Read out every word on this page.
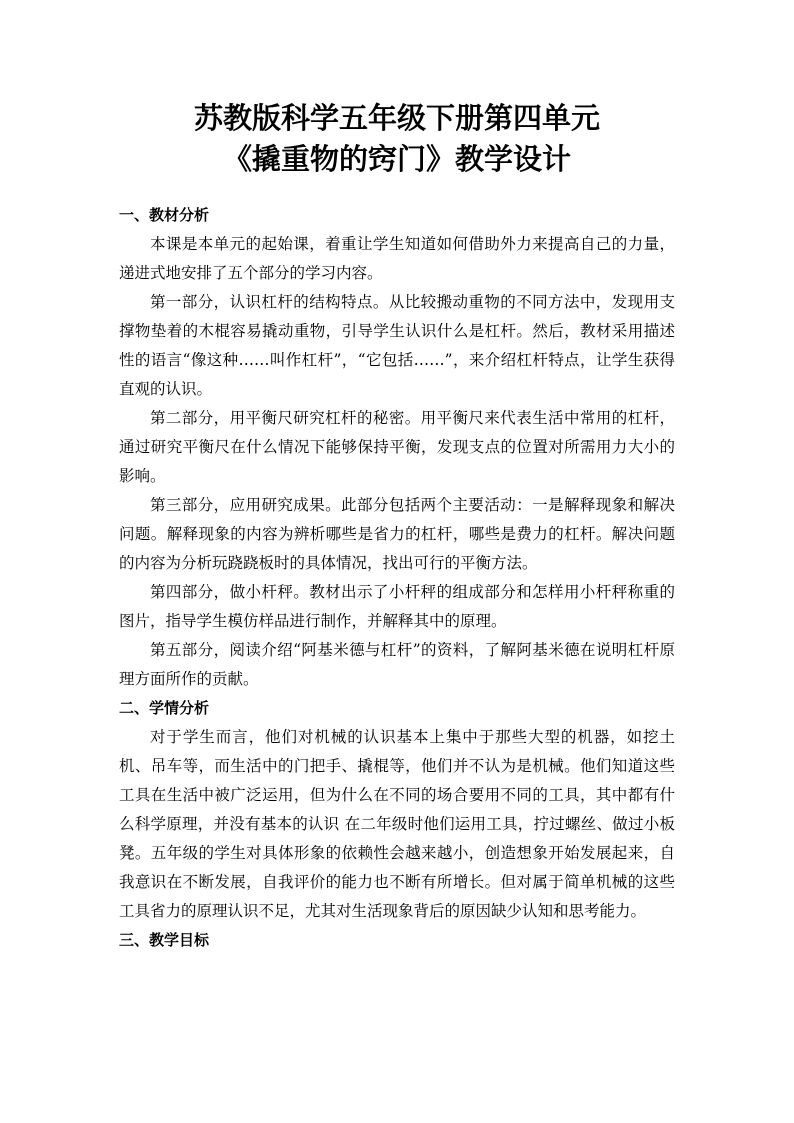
苏教版科学五年级下册第四单元
《撬重物的窍门》教学设计

一、教材分析

本课是本单元的起始课，着重让学生知道如何借助外力来提高自己的力量，递进式地安排了五个部分的学习内容。

第一部分，认识杠杆的结构特点。从比较搬动重物的不同方法中，发现用支撑物垫着的木棍容易撬动重物，引导学生认识什么是杠杆。然后，教材采用描述性的语言“像这种……叫作杠杆”，“它包括……”，来介绍杠杆特点，让学生获得直观的认识。

第二部分，用平衡尺研究杠杆的秘密。用平衡尺来代表生活中常用的杠杆，通过研究平衡尺在什么情况下能够保持平衡，发现支点的位置对所需用力大小的影响。

第三部分，应用研究成果。此部分包括两个主要活动：一是解释现象和解决问题。解释现象的内容为辨析哪些是省力的杠杆，哪些是费力的杠杆。解决问题的内容为分析玩跷跷板时的具体情况，找出可行的平衡方法。

第四部分，做小杆秤。教材出示了小杆秤的组成部分和怎样用小杆秤称重的图片，指导学生模仿样品进行制作，并解释其中的原理。

第五部分，阅读介绍“阿基米德与杠杆”的资料，了解阿基米德在说明杠杆原理方面所作的贡献。

二、学情分析

对于学生而言，他们对机械的认识基本上集中于那些大型的机器，如挖土机、吊车等，而生活中的门把手、撬棍等，他们并不认为是机械。他们知道这些工具在生活中被广泛运用，但为什么在不同的场合要用不同的工具，其中都有什么科学原理，并没有基本的认识 在二年级时他们运用工具，拧过螺丝、做过小板凳。五年级的学生对具体形象的依赖性会越来越小，创造想象开始发展起来，自我意识在不断发展，自我评价的能力也不断有所增长。但对属于简单机械的这些工具省力的原理认识不足，尤其对生活现象背后的原因缺少认知和思考能力。

三、教学目标
